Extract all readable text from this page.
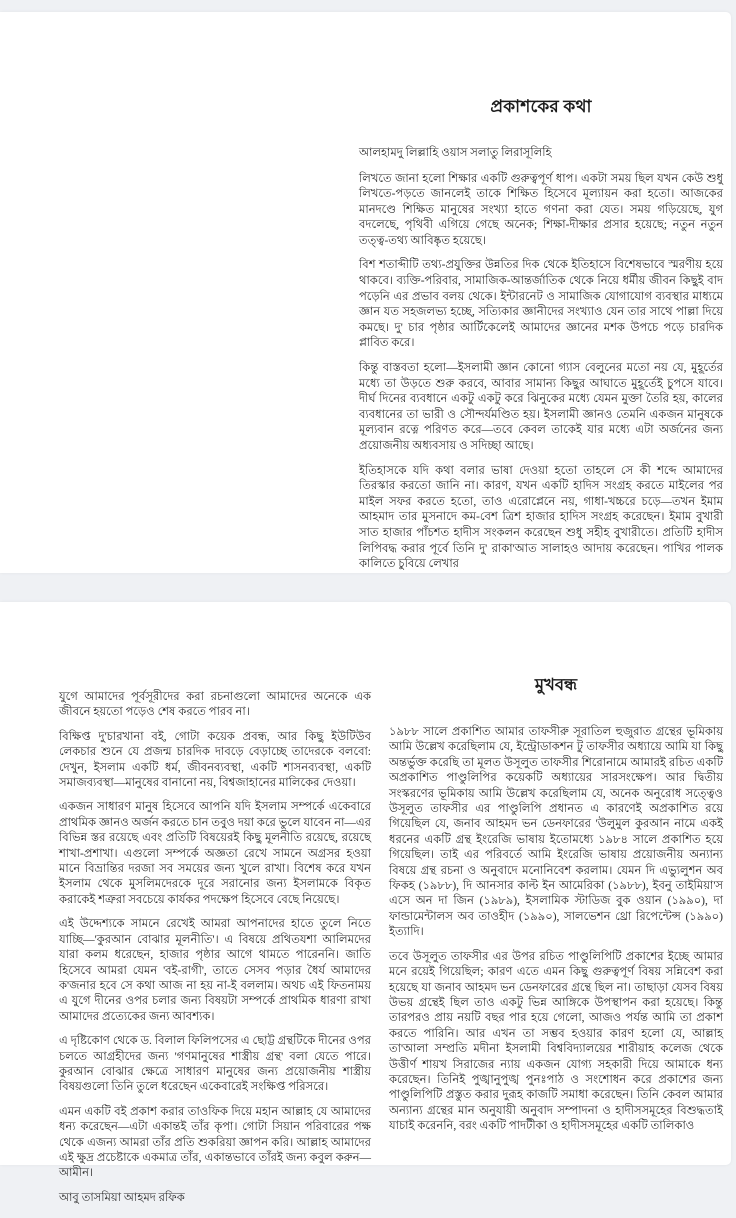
প্রকাশকের কথা

আলহামদু লিল্লাহি ওয়াস সলাতু লিরাসূলিহি

লিখতে জানা হলো শিক্ষার একটি গুরুত্বপূর্ণ ধাপ। একটা সময় ছিল যখন কেউ শুধু লিখতে-পড়তে জানলেই তাকে শিক্ষিত হিসেবে মূল্যায়ন করা হতো। আজকের মানদণ্ডে শিক্ষিত মানুষের সংখ্যা হাতে গণনা করা যেত। সময় গড়িয়েছে, যুগ বদলেছে, পৃথিবী এগিয়ে গেছে অনেক; শিক্ষা-দীক্ষার প্রসার হয়েছে; নতুন নতুন তত্ত্ব-তথ্য আবিষ্কৃত হয়েছে।

বিশ শতাব্দীটি তথ্য-প্রযুক্তির উন্নতির দিক থেকে ইতিহাসে বিশেষভাবে স্মরণীয় হয়ে থাকবে। ব্যক্তি-পরিবার, সামাজিক-আন্তর্জাতিক থেকে নিয়ে ধর্মীয় জীবন কিছুই বাদ পড়েনি এর প্রভাব বলয় থেকে। ইন্টারনেট ও সামাজিক যোগাযোগ ব্যবস্থার মাধ্যমে জ্ঞান যত সহজলভ্য হচ্ছে, সত্যিকার জ্ঞানীদের সংখ্যাও যেন তার সাথে পাল্লা দিয়ে কমছে। দু' চার পৃষ্ঠার আর্টিকেলেই আমাদের জ্ঞানের মশক উপচে পড়ে চারদিক প্লাবিত করে।

কিন্তু বাস্তবতা হলো—ইসলামী জ্ঞান কোনো গ্যাস বেলুনের মতো নয় যে, মুহূর্তের মধ্যে তা উড়তে শুরু করবে, আবার সামান্য কিছুর আঘাতে মুহূর্তেই চুপসে যাবে। দীর্ঘ দিনের ব্যবধানে একটু একটু করে ঝিনুকের মধ্যে যেমন মুক্তা তৈরি হয়, কালের ব্যবধানের তা ভারী ও সৌন্দর্যমণ্ডিত হয়। ইসলামী জ্ঞানও তেমনি একজন মানুষকে মূল্যবান রত্নে পরিণত করে—তবে কেবল তাকেই যার মধ্যে এটা অর্জনের জন্য প্রয়োজনীয় অধ্যবসায় ও সদিচ্ছা আছে।

ইতিহাসকে যদি কথা বলার ভাষা দেওয়া হতো তাহলে সে কী শব্দে আমাদের তিরস্কার করতো জানি না। কারণ, যখন একটি হাদিস সংগ্রহ করতে মাইলের পর মাইল সফর করতে হতো, তাও এরোপ্লেনে নয়, গাধা-খচ্চরে চড়ে—তখন ইমাম আহমাদ তার মুসনাদে কম-বেশ ত্রিশ হাজার হাদিস সংগ্রহ করেছেন। ইমাম বুখারী সাত হাজার পাঁচশত হাদীস সংকলন করেছেন শুধু সহীহ বুখারীতে। প্রতিটি হাদীস লিপিবদ্ধ করার পূর্বে তিনি দু' রাকা'আত সালাহও আদায় করেছেন। পাখির পালক কালিতে চুবিয়ে লেখার

যুগে আমাদের পূর্বসূরীদের করা রচনাগুলো আমাদের অনেকে এক জীবনে হয়তো পড়েও শেষ করতে পারব না।

বিক্ষিপ্ত দু'চারখানা বই, গোটা কয়েক প্রবন্ধ, আর কিছু ইউটিউব লেকচার শুনে যে প্রজন্ম চারদিক দাবড়ে বেড়াচ্ছে তাদেরকে বলবো: দেখুন, ইসলাম একটি ধর্ম, জীবনব্যবস্থা, একটি শাসনব্যবস্থা, একটি সমাজব্যবস্থা—মানুষের বানানো নয়, বিশ্বজাহানের মালিকের দেওয়া।

একজন সাধারণ মানুষ হিসেবে আপনি যদি ইসলাম সম্পর্কে একেবারে প্রাথমিক জ্ঞানও অর্জন করতে চান তবুও দয়া করে ভুলে যাবেন না—এর বিভিন্ন স্তর রয়েছে এবং প্রতিটি বিষয়েরই কিছু মূলনীতি রয়েছে, রয়েছে শাখা-প্রশাখা। এগুলো সম্পর্কে অজ্ঞতা রেখে সামনে অগ্রসর হওয়া মানে বিভ্রান্তির দরজা সব সময়ের জন্য খুলে রাখা। বিশেষ করে যখন ইসলাম থেকে মুসলিমদেরকে দূরে সরানোর জন্য ইসলামকে বিকৃত করাকেই শত্রুরা সবচেয়ে কার্যকর পদক্ষেপ হিসেবে বেছে নিয়েছে।

এই উদ্দেশ্যকে সামনে রেখেই আমরা আপনাদের হাতে তুলে নিতে যাচ্ছি—'কুরআন বোঝার মূলনীতি'। এ বিষয়ে প্রথিতযশা আলিমদের যারা কলম ধরেছেন, হাজার পৃষ্ঠার আগে থামতে পারেননি। জাতি হিসেবে আমরা যেমন 'বই-রাগী', তাতে সেসব পড়ার ধৈর্য আমাদের ক'জনার হবে সে কথা আজ না হয় না-ই বললাম। অথচ এই ফিতনাময় এ যুগে দীনের ওপর চলার জন্য বিষয়টা সম্পর্কে প্রাথমিক ধারণা রাখা আমাদের প্রত্যেকের জন্য আবশ্যক।

এ দৃষ্টিকোণ থেকে ড. বিলাল ফিলিপসের এ ছোট্ট গ্রন্থটিকে দীনের ওপর চলতে আগ্রহীদের জন্য 'গণমানুষের শাস্ত্রীয় গ্রন্থ' বলা যেতে পারে। কুরআন বোঝার ক্ষেত্রে সাধারণ মানুষের জন্য প্রয়োজনীয় শাস্ত্রীয় বিষয়গুলো তিনি তুলে ধরেছেন একেবারেই সংক্ষিপ্ত পরিসরে।

এমন একটি বই প্রকাশ করার তাওফিক দিয়ে মহান আল্লাহ যে আমাদের ধন্য করেছেন—এটা একান্তই তাঁর কৃপা। গোটা সিয়ান পরিবারের পক্ষ থেকে এজন্য আমরা তাঁর প্রতি শুকরিয়া জ্ঞাপন করি। আল্লাহ আমাদের এই ক্ষুদ্র প্রচেষ্টাকে একমাত্র তাঁর, একান্তভাবে তাঁরই জন্য কবুল করুন—আমীন।

আবু তাসমিয়া আহমদ রফিক

মুখবন্ধ

১৯৮৮ সালে প্রকাশিত আমার তাফসীরু সূরাতিল হুজুরাত গ্রন্থের ভূমিকায় আমি উল্লেখ করেছিলাম যে, ইন্ট্রোডাকশন টু তাফসীর অধ্যায়ে আমি যা কিছু অন্তর্ভুক্ত করেছি তা মূলত উসূলুত তাফসীর শিরোনামে আমারই রচিত একটি অপ্রকাশিত পাণ্ডুলিপির কয়েকটি অধ্যায়ের সারসংক্ষেপ। আর দ্বিতীয় সংস্করণের ভূমিকায় আমি উল্লেখ করেছিলাম যে, অনেক অনুরোধ সত্ত্বেও উসূলুত তাফসীর এর পাণ্ডুলিপি প্রধানত এ কারণেই অপ্রকাশিত রয়ে গিয়েছিল যে, জনাব আহমদ ভন ডেনফারের 'উলুমুল কুরআন নামে একই ধরনের একটি গ্রন্থ ইংরেজি ভাষায় ইতোমধ্যে ১৯৮৪ সালে প্রকাশিত হয়ে গিয়েছিল। তাই এর পরিবর্তে আমি ইংরেজি ভাষায় প্রয়োজনীয় অন্যান্য বিষয়ে গ্রন্থ রচনা ও অনুবাদে মনোনিবেশ করলাম। যেমন দি এভ্যুলুশন অব ফিকহ (১৯৮৮), দি আনসার কাল্ট ইন আমেরিকা (১৯৮৮), ইবনু তাইমিয়া'স এসে অন দা জিন (১৯৮৯), ইসলামিক স্টাডিজ বুক ওয়ান (১৯৯০), দা ফান্ডামেন্টালস অব তাওহীদ (১৯৯০), সালভেশন থ্রো রিপেন্টেন্স (১৯৯০) ইত্যাদি।

তবে উসূলুত তাফসীর এর উপর রচিত পাণ্ডুলিপিটি প্রকাশের ইচ্ছে আমার মনে রয়েই গিয়েছিল; কারণ এতে এমন কিছু গুরুত্বপূর্ণ বিষয় সন্নিবেশ করা হয়েছে যা জনাব আহমদ ভন ডেনফারের গ্রন্থে ছিল না। তাছাড়া যেসব বিষয় উভয় গ্রন্থেই ছিল তাও একটু ভিন্ন আঙ্গিকে উপস্থাপন করা হয়েছে। কিন্তু তারপরও প্রায় নয়টি বছর পার হয়ে গেলো, আজও পর্যন্ত আমি তা প্রকাশ করতে পারিনি। আর এখন তা সম্ভব হওয়ার কারণ হলো যে, আল্লাহ তা'আলা সম্প্রতি মদীনা ইসলামী বিশ্ববিদ্যালয়ের শারীয়াহ কলেজ থেকে উত্তীর্ণ শায়খ সিরাজের ন্যায় একজন যোগ্য সহকারী দিয়ে আমাকে ধন্য করেছেন। তিনিই পুঙ্খানুপুঙ্খ পুনঃপাঠ ও সংশোধন করে প্রকাশের জন্য পাণ্ডুলিপিটি প্রস্তুত করার দুরূহ কাজটি সমাধা করেছেন। তিনি কেবল আমার অন্যান্য গ্রন্থের মান অনুযায়ী অনুবাদ সম্পাদনা ও হাদীসসমূহের বিশুদ্ধতাই যাচাই করেননি, বরং একটি পাদটীকা ও হাদীসসমূহের একটি তালিকাও
